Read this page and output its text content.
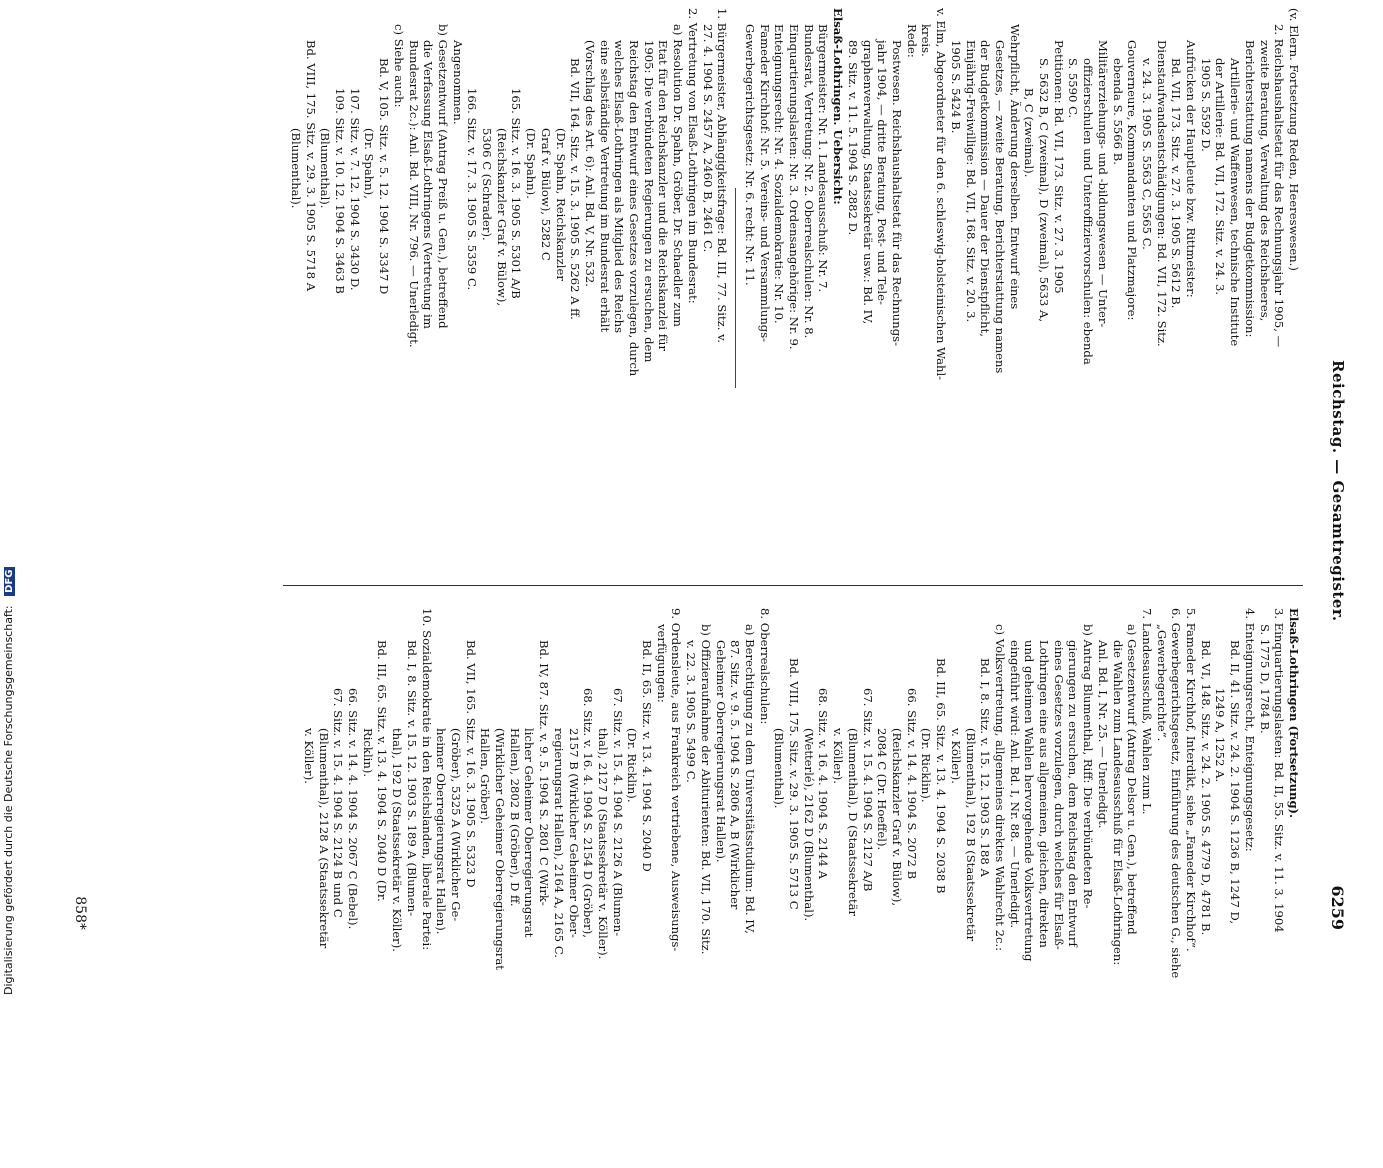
Reichstag. — Gesamtregister.
6259
(v. Elern. Fortsetzung Reden, Heereswesen.)
2. Reichshaushaltsetat für das Rechnungsjahr 1905, —
zweite Beratung, Verwaltung des Reichsheeres,
Berichterstattung namens der Budgetkommission:
Artillerie- und Waffenwesen, technische Institute
der Artillerie: Bd. VII, 172. Sitz. v. 24. 3.
1905 S. 5592 D.
Aufrücken der Hauptleute bzw. Rittmeister:
Bd. VII, 173. Sitz. v. 27. 3. 1905 S. 5612 B.
Dienstaufwandsentschädigungen: Bd. VII, 172. Sitz.
v. 24. 3. 1905 S. 5563 C, 5565 C.
Gouverneure, Kommandanten und Platzmajore:
ebenda S. 5566 B.
Militärerziehungs- und -bildungswesen — Unter-
offizierschulen und Unteroffiziervorschulen: ebenda
S. 5590 C.
Petitionen: Bd. VII, 173. Sitz. v. 27. 3. 1905
S. 5632 B, C (zweimal), D (zweimal), 5633 A,
B, C (zweimal).
Wehrpflicht, Änderung derselben. Entwurf eines
Gesetzes, — zweite Beratung, Berichterstattung namens
der Budgetkommission — Dauer der Dienstpflicht,
Einjährig-Freiwillige: Bd. VII, 168. Sitz. v. 20. 3.
1905 S. 5424 B.
v. Elm, Abgeordneter für den 6. schleswig-holsteinischen Wahl-
kreis.
Rede:
Postwesen. Reichshaushaltsetat für das Rechnungs-
jahr 1904, — dritte Beratung, Post- und Tele-
graphenverwaltung, Staatssekretär usw.: Bd. IV,
89. Sitz. v. 11. 5. 1904 S. 2882 D.
Elsaß-Lothringen. Uebersicht:
Bürgermeister: Nr. 1. Landesausschuß: Nr. 7.
Bundesrat, Vertretung: Nr. 2. Oberrealschulen: Nr. 8.
Einquartierungslasten: Nr. 3. Ordensangehörige: Nr. 9.
Enteignungsrecht: Nr. 4. Sozialdemokratie: Nr. 10.
Fameder Kirchhof: Nr. 5. Vereins- und Versammlungs-
Gewerbegerichtsgesetz: Nr. 6. recht: Nr. 11.
1. Bürgermeister, Abhängigkeitsfrage: Bd. III, 77. Sitz. v.
27. 4. 1904 S. 2457 A, 2460 B, 2461 C.
2. Vertretung von Elsaß-Lothringen im Bundesrat:
a) Resolution Dr. Spahn, Gröber, Dr. Schaedler zum
Etat für den Reichskanzler und die Reichskanzlei für
1905: Die verbündeten Regierungen zu ersuchen, dem
Reichstag den Entwurf eines Gesetzes vorzulegen, durch
welches Elsaß-Lothringen als Mitglied des Reichs
eine selbständige Vertretung im Bundesrat erhält
(Vorschlag des Art. 6): Anl. Bd. V, Nr. 532.
Bd. VII, 164. Sitz. v. 15. 3. 1905 S. 5262 A ff.
(Dr. Spahn, Reichskanzler
Graf v. Bülow), 5282 C
(Dr. Spahn).
165. Sitz. v. 16. 3. 1905 S. 5301 A/B
(Reichskanzler Graf v. Bülow),
5306 C (Schrader).
166. Sitz. v. 17. 3. 1905 S. 5359 C.
Angenommen.
b) Gesetzentwurf (Antrag Preiß u. Gen.), betreffend
die Verfassung Elsaß-Lothringens (Vertretung im
Bundesrat 2c.): Anl. Bd. VIII, Nr. 796. — Unerledigt.
c) Siehe auch:
Bd. V, 105. Sitz. v. 5. 12. 1904 S. 3347 D
(Dr. Spahn),
107. Sitz. v. 7. 12. 1904 S. 3430 D.
109. Sitz. v. 10. 12. 1904 S. 3463 B
(Blumenthal).
Bd. VIII, 175. Sitz. v. 29. 3. 1905 S. 5718 A
(Blumenthal).
Elsaß-Lothringen (Fortsetzung).
3. Einquartierungslasten: Bd. II, 55. Sitz. v. 11. 3. 1904
S. 1775 D, 1784 B.
4. Enteignungsrecht, Enteignungsgesetz:
Bd. II, 41. Sitz. v. 24. 2. 1904 S. 1236 B, 1247 D,
1249 A, 1252 A.
Bd. VI, 148. Sitz. v. 24. 2. 1905 S. 4779 D, 4781 B.
5. Fameder Kirchhof, Interdikt, siehe „Fameder Kirchhof“.
6. Gewerbegerichtsgesetz, Einführung des deutschen G., siehe
„Gewerbegerichte“.
7. Landesausschuß, Wahlen zum L.
a) Gesetzentwurf (Antrag Delsor u. Gen.), betreffend
die Wahlen zum Landesausschuß für Elsaß-Lothringen:
Anl. Bd. I, Nr. 25. — Unerledigt.
b) Antrag Blumenthal, Riff: Die verbündeten Re-
gierungen zu ersuchen, dem Reichstag den Entwurf
eines Gesetzes vorzulegen, durch welches für Elsaß-
Lothringen eine aus allgemeinen, gleichen, direkten
und geheimen Wahlen hervorgehende Volksvertretung
eingeführt wird: Anl. Bd. I, Nr. 88. — Unerledigt.
c) Volksvertretung, allgemeines direktes Wahlrecht 2c.:
Bd. I, 8. Sitz. v. 15. 12. 1903 S. 188 A
(Blumenthal), 192 B (Staatssekretär
v. Köller).
Bd. III, 65. Sitz. v. 13. 4. 1904 S. 2038 B
(Dr. Ricklin).
66. Sitz. v. 14. 4. 1904 S. 2072 B
(Reichskanzler Graf v. Bülow),
2084 C (Dr. Hoeffel).
67. Sitz. v. 15. 4. 1904 S. 2127 A/B
(Blumenthal), D (Staatssekretär
v. Köller).
68. Sitz. v. 16. 4. 1904 S. 2144 A
(Wetterlé), 2162 D (Blumenthal).
Bd. VIII, 175. Sitz. v. 29. 3. 1905 S. 5713 C
(Blumenthal).
8. Oberrealschulen:
a) Berechtigung zu dem Universitätsstudium: Bd. IV,
87. Sitz. v. 9. 5. 1904 S. 2806 A, B (Wirklicher
Geheimer Oberregierungsrat Hallen).
b) Offizieraufnahme der Abiturienten: Bd. VII, 170. Sitz.
v. 22. 3. 1905 S. 5499 C.
9. Ordensleute, aus Frankreich vertriebene, Ausweisungs-
verfügungen:
Bd. II, 65. Sitz. v. 13. 4. 1904 S. 2040 D
(Dr. Ricklin).
67. Sitz. v. 15. 4. 1904 S. 2126 A (Blumen-
thal), 2127 D (Staatssekretär v. Köller).
68. Sitz. v. 16. 4. 1904 S. 2154 D (Gröber),
2157 B (Wirklicher Geheimer Ober-
regierungsrat Hallen), 2164 A, 2165 C.
Bd. IV, 87. Sitz. v. 9. 5. 1904 S. 2801 C (Wirk-
licher Geheimer Oberregierungsrat
Hallen), 2802 B (Gröber), D ff.
(Wirklicher Geheimer Oberregierungsrat
Hallen, Gröber).
Bd. VII, 165. Sitz. v. 16. 3. 1905 S. 5323 D
(Gröber), 5325 A (Wirklicher Ge-
heimer Oberregierungsrat Hallen).
10. Sozialdemokratie in den Reichslanden, liberale Partei:
Bd. I, 8. Sitz. v. 15. 12. 1903 S. 189 A (Blumen-
thal), 192 D (Staatssekretär v. Köller).
Bd. III, 65. Sitz. v. 13. 4. 1904 S. 2040 D (Dr.
Ricklin).
66. Sitz. v. 14. 4. 1904 S. 2067 C (Bebel).
67. Sitz. v. 15. 4. 1904 S. 2124 B und C
(Blumenthal), 2128 A (Staatssekretär
v. Köller).
858*
Digitalisierung gefördert durch die Deutsche Forschungsgemeinschaft: DFG
